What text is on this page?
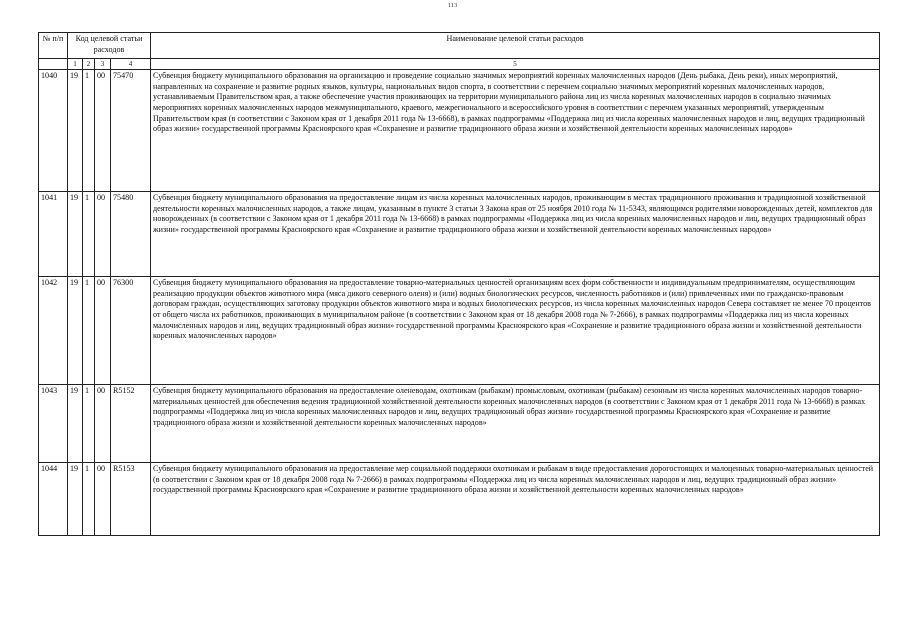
113
№ п/п	Код целевой статьи расходов				Наименование целевой статьи расходов
	1	2	3	4	5
1040	19	1	00	75470	Субвенция бюджету муниципального образования на организацию и проведение социально значимых мероприятий коренных малочисленных народов (День рыбака, День реки), иных мероприятий, направленных на сохранение и развитие родных языков, культуры, национальных видов спорта, в соответствии с перечнем социально значимых мероприятий коренных малочисленных народов, устанавливаемым Правительством края, а также обеспечение участия проживающих на территории муниципального района лиц из числа коренных малочисленных народов в социально значимых мероприятиях коренных малочисленных народов межмуниципального, краевого, межрегионального и всероссийского уровня в соответствии с перечнем указанных мероприятий, утвержденным Правительством края (в соответствии с Законом края от 1 декабря 2011 года № 13-6668), в рамках подпрограммы «Поддержка лиц из числа коренных малочисленных народов и лиц, ведущих традиционный образ жизни» государственной программы Красноярского края «Сохранение и развитие традиционного образа жизни и хозяйственной деятельности коренных малочисленных народов»
1041	19	1	00	75480	Субвенция бюджету муниципального образования на предоставление лицам из числа коренных малочисленных народов, проживающим в местах традиционного проживания и традиционной хозяйственной деятельности коренных малочисленных народов, а также лицам, указанным в пункте 3 статьи 3 Закона края от 25 ноября 2010 года № 11-5343, являющимся родителями новорожденных детей, комплектов для новорожденных (в соответствии с Законом края от 1 декабря 2011 года № 13-6668) в рамках подпрограммы «Поддержка лиц из числа коренных малочисленных народов и лиц, ведущих традиционный образ жизни» государственной программы Красноярского края «Сохранение и развитие традиционного образа жизни и хозяйственной деятельности коренных малочисленных народов»
1042	19	1	00	76300	Субвенция бюджету муниципального образования на предоставление товарно-материальных ценностей организациям всех форм собственности и индивидуальным предпринимателям, осуществляющим реализацию продукции объектов животного мира (мяса дикого северного оленя) и (или) водных биологических ресурсов, численность работников и (или) привлеченных ими по гражданско-правовым договорам граждан, осуществляющих заготовку продукции объектов животного мира и водных биологических ресурсов, из числа коренных малочисленных народов Севера составляет не менее 70 процентов от общего числа их работников, проживающих в муниципальном районе (в соответствии с Законом края от 18 декабря 2008 года № 7-2666), в рамках подпрограммы «Поддержка лиц из числа коренных малочисленных народов и лиц, ведущих традиционный образ жизни» государственной программы Красноярского края «Сохранение и развитие традиционного образа жизни и хозяйственной деятельности коренных малочисленных народов»
1043	19	1	00	R5152	Субвенция бюджету муниципального образования на предоставление оленеводам, охотникам (рыбакам) промысловым, охотникам (рыбакам) сезонным из числа коренных малочисленных народов товарно-материальных ценностей для обеспечения ведения традиционной хозяйственной деятельности коренных малочисленных народов (в соответствии с Законом края от 1 декабря 2011 года № 13-6668) в рамках подпрограммы «Поддержка лиц из числа коренных малочисленных народов и лиц, ведущих традиционный образ жизни» государственной программы Красноярского края «Сохранение и развитие традиционного образа жизни и хозяйственной деятельности коренных малочисленных народов»
1044	19	1	00	R5153	Субвенция бюджету муниципального образования на предоставление мер социальной поддержки охотникам и рыбакам в виде предоставления дорогостоящих и малоценных товарно-материальных ценностей (в соответствии с Законом края от 18 декабря 2008 года № 7-2666) в рамках подпрограммы «Поддержка лиц из числа коренных малочисленных народов и лиц, ведущих традиционный образ жизни» государственной программы Красноярского края «Сохранение и развитие традиционного образа жизни и хозяйственной деятельности коренных малочисленных народов»
